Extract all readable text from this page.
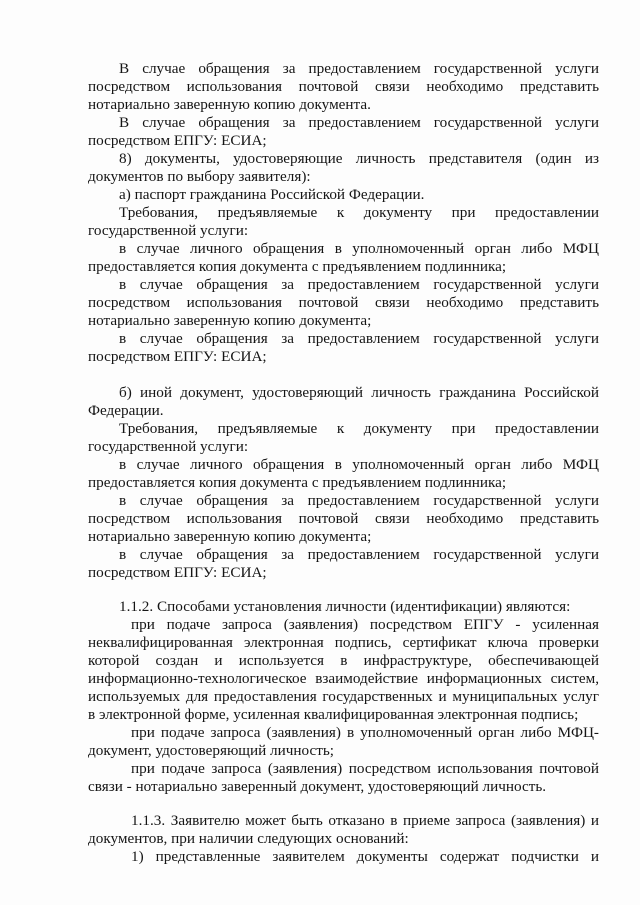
В случае обращения за предоставлением государственной услуги
посредством использования почтовой связи необходимо представить
нотариально заверенную копию документа.
В случае обращения за предоставлением государственной услуги
посредством ЕПГУ: ЕСИА;
8) документы, удостоверяющие личность представителя (один из
документов по выбору заявителя):
а) паспорт гражданина Российской Федерации.
Требования, предъявляемые к документу при предоставлении
государственной услуги:
в случае личного обращения в уполномоченный орган либо МФЦ
предоставляется копия документа с предъявлением подлинника;
в случае обращения за предоставлением государственной услуги
посредством использования почтовой связи необходимо представить
нотариально заверенную копию документа;
в случае обращения за предоставлением государственной услуги
посредством ЕПГУ: ЕСИА;
б) иной документ, удостоверяющий личность гражданина Российской
Федерации.
Требования, предъявляемые к документу при предоставлении
государственной услуги:
в случае личного обращения в уполномоченный орган либо МФЦ
предоставляется копия документа с предъявлением подлинника;
в случае обращения за предоставлением государственной услуги
посредством использования почтовой связи необходимо представить
нотариально заверенную копию документа;
в случае обращения за предоставлением государственной услуги
посредством ЕПГУ: ЕСИА;
1.1.2. Способами установления личности (идентификации) являются:
при подаче запроса (заявления) посредством ЕПГУ - усиленная
неквалифицированная электронная подпись, сертификат ключа проверки
которой создан и используется в инфраструктуре, обеспечивающей
информационно-технологическое взаимодействие информационных систем,
используемых для предоставления государственных и муниципальных услуг
в электронной форме, усиленная квалифицированная электронная подпись;
при подаче запроса (заявления) в уполномоченный орган либо МФЦ-
документ, удостоверяющий личность;
при подаче запроса (заявления) посредством использования почтовой
связи - нотариально заверенный документ, удостоверяющий личность.
1.1.3. Заявителю может быть отказано в приеме запроса (заявления) и
документов, при наличии следующих оснований:
1) представленные заявителем документы содержат подчистки и
